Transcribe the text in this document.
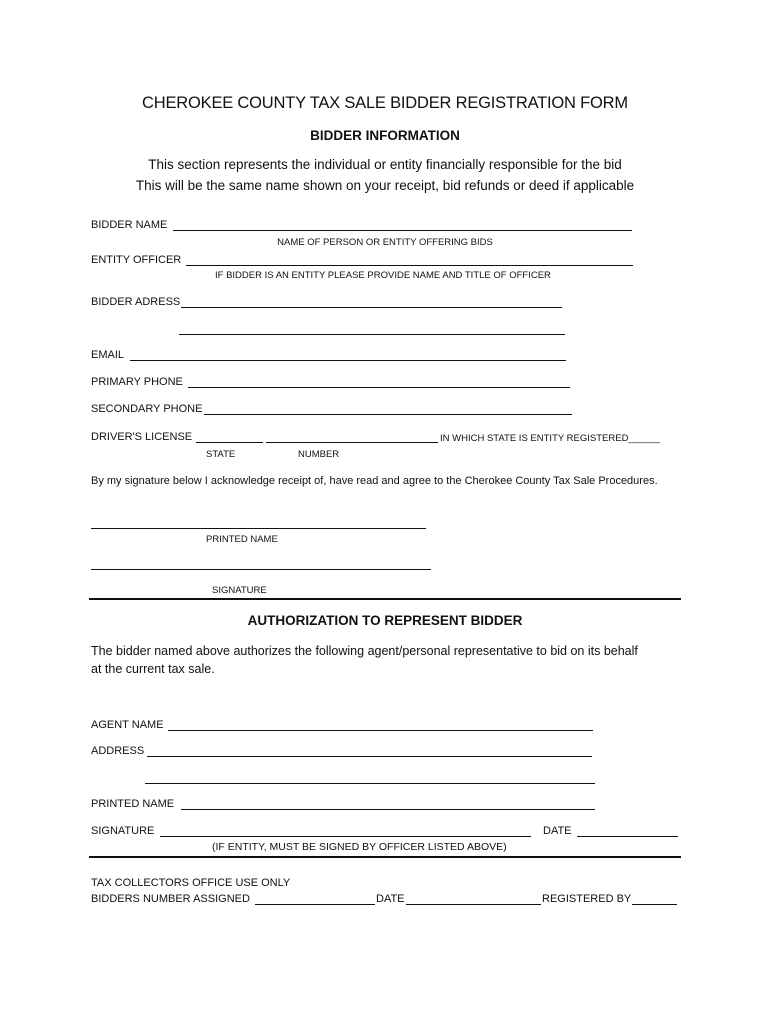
CHEROKEE COUNTY TAX SALE BIDDER REGISTRATION FORM
BIDDER INFORMATION
This section represents the individual or entity financially responsible for the bid
This will be the same name shown on your receipt, bid refunds or deed if applicable
BIDDER NAME
NAME OF PERSON OR ENTITY OFFERING BIDS
ENTITY OFFICER
IF BIDDER IS AN ENTITY PLEASE PROVIDE NAME AND TITLE OF OFFICER
BIDDER ADRESS
EMAIL
PRIMARY PHONE
SECONDARY PHONE
DRIVER'S LICENSE	IN WHICH STATE IS ENTITY REGISTERED______
STATE	NUMBER
By my signature below I acknowledge receipt of, have read and agree to the Cherokee County Tax Sale Procedures.
PRINTED NAME
SIGNATURE
AUTHORIZATION TO REPRESENT BIDDER
The bidder named above authorizes the following agent/personal representative to bid on its behalf at the current tax sale.
AGENT NAME
ADDRESS
PRINTED NAME
SIGNATURE	DATE
(IF ENTITY, MUST BE SIGNED BY OFFICER LISTED ABOVE)
TAX COLLECTORS OFFICE USE ONLY
BIDDERS NUMBER ASSIGNED	DATE	REGISTERED BY
